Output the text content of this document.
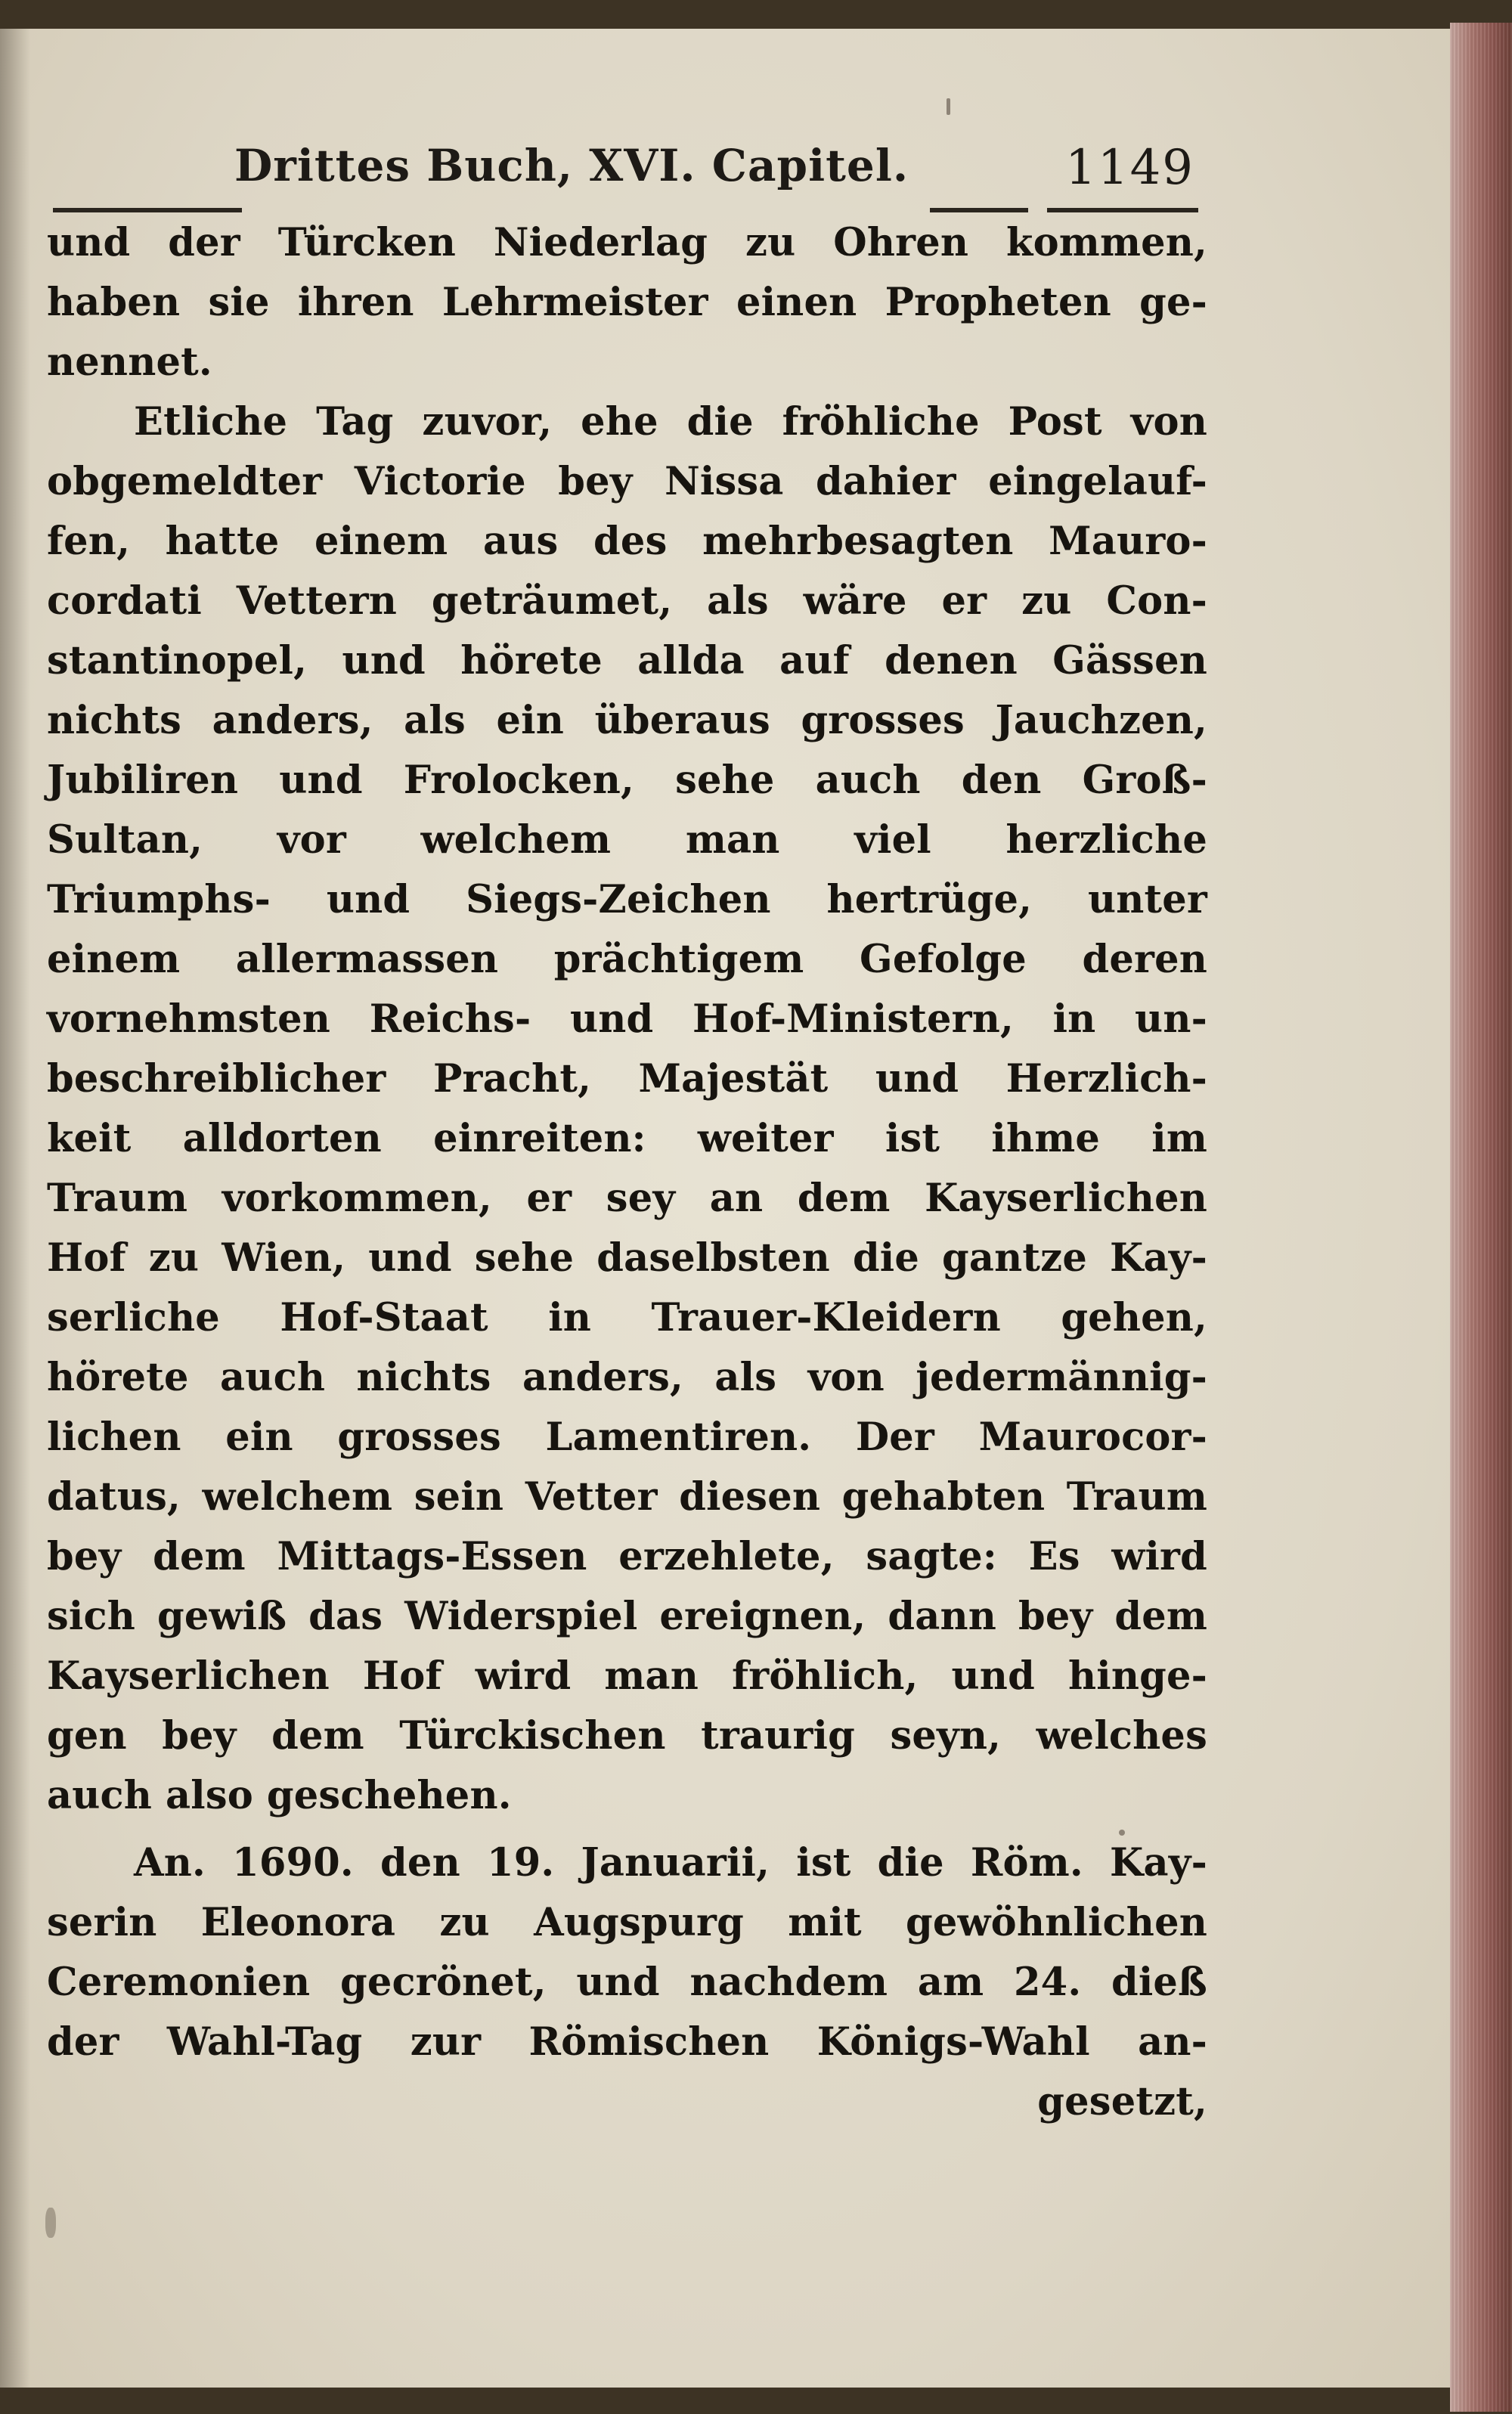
Drittes Buch, XVI. Capitel.	1149
und der Türcken Niederlag zu Ohren kommen,
haben sie ihren Lehrmeister einen Propheten ge-
nennet.
Etliche Tag zuvor, ehe die fröhliche Post von
obgemeldter Victorie bey Nissa dahier eingelauf-
fen, hatte einem aus des mehrbesagten Mauro-
cordati Vettern geträumet, als wäre er zu Con-
stantinopel, und hörete allda auf denen Gässen
nichts anders, als ein überaus grosses Jauchzen,
Jubiliren und Frolocken, sehe auch den Groß-
Sultan, vor welchem man viel herzliche
Triumphs- und Siegs-Zeichen hertrüge, unter
einem allermassen prächtigem Gefolge deren
vornehmsten Reichs- und Hof-Ministern, in un-
beschreiblicher Pracht, Majestät und Herzlich-
keit alldorten einreiten: weiter ist ihme im
Traum vorkommen, er sey an dem Kayserlichen
Hof zu Wien, und sehe daselbsten die gantze Kay-
serliche Hof-Staat in Trauer-Kleidern gehen,
hörete auch nichts anders, als von jedermännig-
lichen ein grosses Lamentiren. Der Maurocor-
datus, welchem sein Vetter diesen gehabten Traum
bey dem Mittags-Essen erzehlete, sagte: Es wird
sich gewiß das Widerspiel ereignen, dann bey dem
Kayserlichen Hof wird man fröhlich, und hinge-
gen bey dem Türckischen traurig seyn, welches
auch also geschehen.
An. 1690. den 19. Januarii, ist die Röm. Kay-
serin Eleonora zu Augspurg mit gewöhnlichen
Ceremonien gecrönet, und nachdem am 24. dieß
der Wahl-Tag zur Römischen Königs-Wahl an-
gesetzt,
